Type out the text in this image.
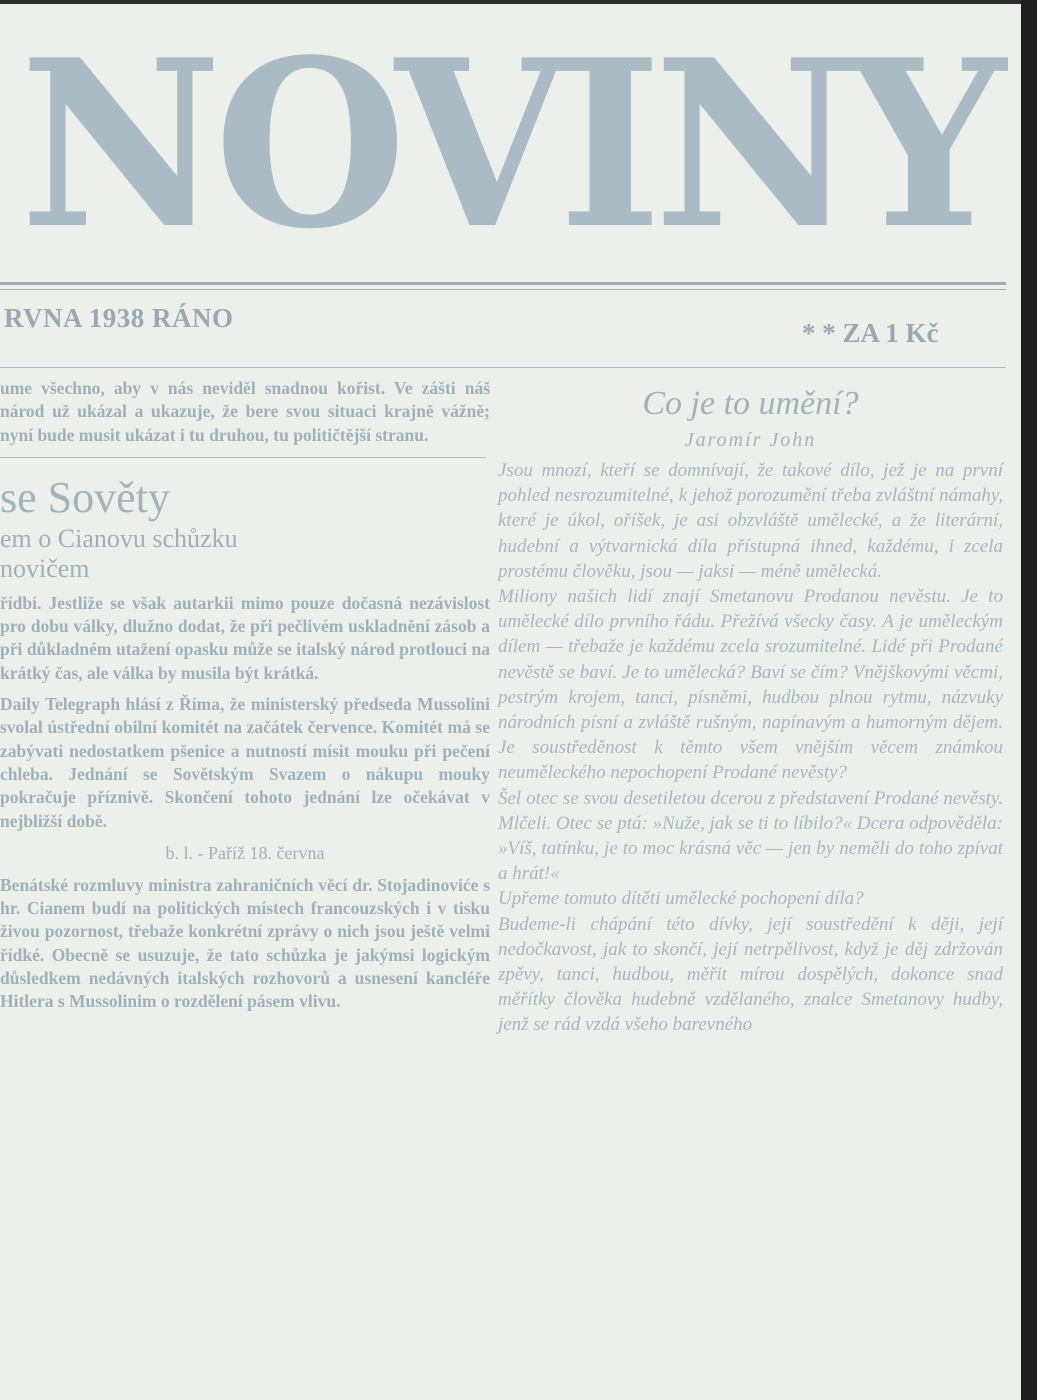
NOVINY
RVNA 1938 RÁNO	* * ZA 1 Kč

ume všechno, aby v nás neviděl snadnou kořist. Ve zášti náš národ už ukázal a ukazuje, že bere svou situaci krajně vážně; nyní bude musit ukázat i tu druhou, tu političtější stranu.

se Sověty

em o Cianovu schůzku

novičem

řídbí. Jestliže se však autarkii mimo pouze dočasná nezávislost pro dobu války, dlužno dodat, že při pečlivém uskladnění zásob a při důkladném utažení opasku může se italský národ protlouci na krátký čas, ale válka by musila být krátká.

Daily Telegraph hlásí z Říma, že ministerský předseda Mussolini svolal ústřední obilní komitét na začátek července. Komitét má se zabývati nedostatkem pšenice a nutností mísit mouku při pečení chleba. Jednání se Sovětským Svazem o nákupu mouky pokračuje příznivě. Skončení tohoto jednání lze očekávat v nejbližší době.

b. l. - Paříž 18. června

Benátské rozmluvy ministra zahraničních věcí dr. Stojadinoviće s hr. Cianem budí na politických místech francouzských i v tisku živou pozornost, třebaže konkrétní zprávy o nich jsou ještě velmi řídké. Obecně se usuzuje, že tato schůzka je jakýmsi logickým důsledkem nedávných italských rozhovorů a usnesení kancléře Hitlera s Mussolinim o rozdělení pásem vlivu.

Co je to umění?

Jaromír John

Jsou mnozí, kteří se domnívají, že takové dílo, jež je na první pohled nesrozumitelné, k jehož porozumění třeba zvláštní námahy, které je úkol, oříšek, je asi obzvláště umělecké, a že literární, hudební a výtvarnická díla přístupná ihned, každému, i zcela prostému člověku, jsou — jaksi — méně umělecká.

Miliony našich lidí znají Smetanovu Prodanou nevěstu. Je to umělecké dílo prvního řádu. Přežívá všecky časy. A je uměleckým dílem — třebaže je každému zcela srozumitelné. Lidé při Prodané nevěstě se baví. Je to umělecká? Baví se čím? Vnějškovými věcmi, pestrým krojem, tanci, písněmi, hudbou plnou rytmu, názvuky národních písní a zvláště rušným, napínavým a humorným dějem. Je soustředěnost k těmto všem vnějším věcem známkou neuměleckého nepochopení Prodané nevěsty?

Šel otec se svou desetiletou dcerou z představení Prodané nevěsty. Mlčeli. Otec se ptá: »Nuže, jak se ti to líbilo?« Dcera odpověděla: »Víš, tatínku, je to moc krásná věc — jen by neměli do toho zpívat a hrát!«

Upřeme tomuto dítěti umělecké pochopení díla?

Budeme-li chápání této dívky, její soustředění k ději, její nedočkavost, jak to skončí, její netrpělivost, když je děj zdržován zpěvy, tanci, hudbou, měřit mírou dospělých, dokonce snad měřítky člověka hudebně vzdělaného, znalce Smetanovy hudby, jenž se rád vzdá všeho barevného
